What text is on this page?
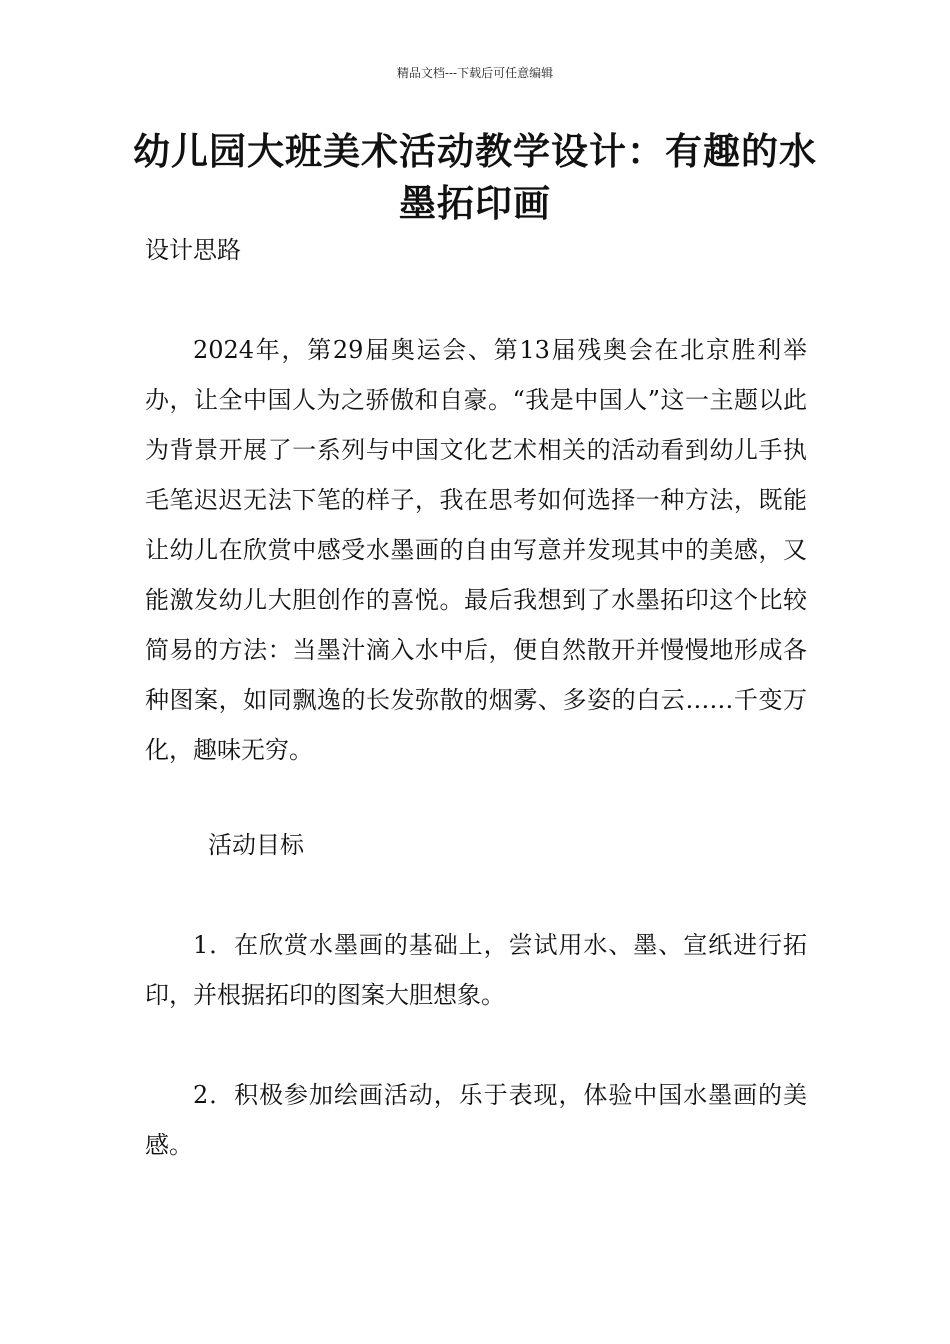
精品文档---下载后可任意编辑
幼儿园大班美术活动教学设计：有趣的水墨拓印画
设计思路

2024年，第29届奥运会、第13届残奥会在北京胜利举办，让全中国人为之骄傲和自豪。“我是中国人”这一主题以此为背景开展了一系列与中国文化艺术相关的活动看到幼儿手执毛笔迟迟无法下笔的样子，我在思考如何选择一种方法，既能让幼儿在欣赏中感受水墨画的自由写意并发现其中的美感，又能激发幼儿大胆创作的喜悦。最后我想到了水墨拓印这个比较简易的方法：当墨汁滴入水中后，便自然散开并慢慢地形成各种图案，如同飘逸的长发弥散的烟雾、多姿的白云……千变万化，趣味无穷。

活动目标

1．在欣赏水墨画的基础上，尝试用水、墨、宣纸进行拓印，并根据拓印的图案大胆想象。

2．积极参加绘画活动，乐于表现，体验中国水墨画的美感。
